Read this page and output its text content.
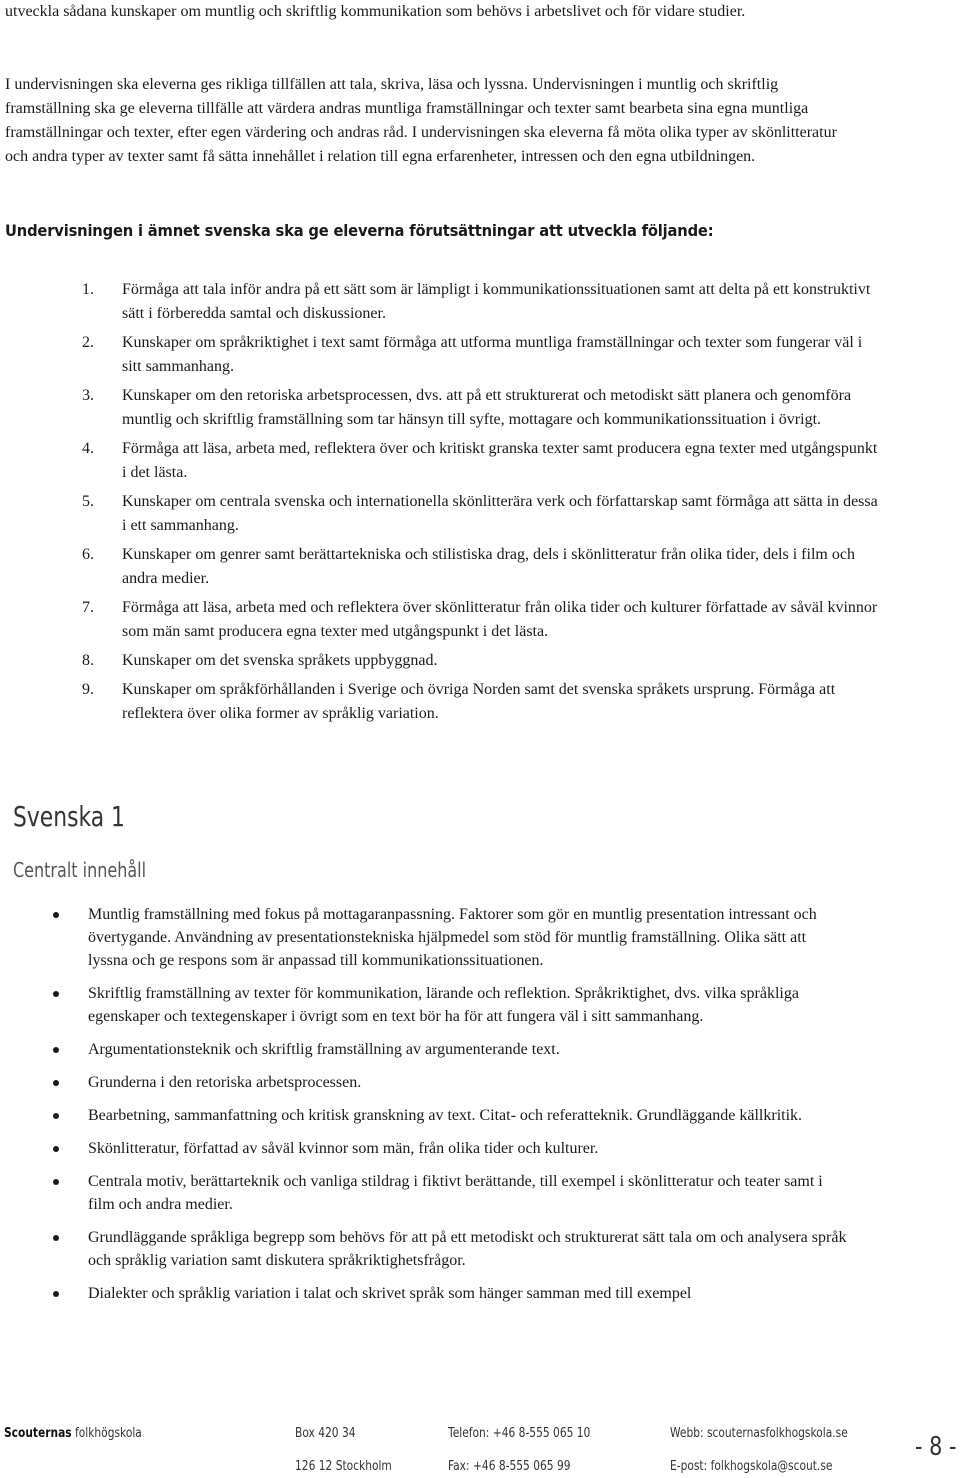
utveckla sådana kunskaper om muntlig och skriftlig kommunikation som behövs i arbetslivet och för vidare studier.

I undervisningen ska eleverna ges rikliga tillfällen att tala, skriva, läsa och lyssna. Undervisningen i muntlig och skriftlig framställning ska ge eleverna tillfälle att värdera andras muntliga framställningar och texter samt bearbeta sina egna muntliga framställningar och texter, efter egen värdering och andras råd. I undervisningen ska eleverna få möta olika typer av skönlitteratur och andra typer av texter samt få sätta innehållet i relation till egna erfarenheter, intressen och den egna utbildningen.

Undervisningen i ämnet svenska ska ge eleverna förutsättningar att utveckla följande:
1.	Förmåga att tala inför andra på ett sätt som är lämpligt i kommunikationssituationen samt att delta på ett konstruktivt sätt i förberedda samtal och diskussioner.
2.	Kunskaper om språkriktighet i text samt förmåga att utforma muntliga framställningar och texter som fungerar väl i sitt sammanhang.
3.	Kunskaper om den retoriska arbetsprocessen, dvs. att på ett strukturerat och metodiskt sätt planera och genomföra muntlig och skriftlig framställning som tar hänsyn till syfte, mottagare och kommunikationssituation i övrigt.
4.	Förmåga att läsa, arbeta med, reflektera över och kritiskt granska texter samt producera egna texter med utgångspunkt i det lästa.
5.	Kunskaper om centrala svenska och internationella skönlitterära verk och författarskap samt förmåga att sätta in dessa i ett sammanhang.
6.	Kunskaper om genrer samt berättartekniska och stilistiska drag, dels i skönlitteratur från olika tider, dels i film och andra medier.
7.	Förmåga att läsa, arbeta med och reflektera över skönlitteratur från olika tider och kulturer författade av såväl kvinnor som män samt producera egna texter med utgångspunkt i det lästa.
8.	Kunskaper om det svenska språkets uppbyggnad.
9.	Kunskaper om språkförhållanden i Sverige och övriga Norden samt det svenska språkets ursprung. Förmåga att reflektera över olika former av språklig variation.
Svenska 1
Centralt innehåll
Muntlig framställning med fokus på mottagaranpassning. Faktorer som gör en muntlig presentation intressant och övertygande. Användning av presentationstekniska hjälpmedel som stöd för muntlig framställning. Olika sätt att lyssna och ge respons som är anpassad till kommunikationssituationen.
Skriftlig framställning av texter för kommunikation, lärande och reflektion. Språkriktighet, dvs. vilka språkliga egenskaper och textegenskaper i övrigt som en text bör ha för att fungera väl i sitt sammanhang.
Argumentationsteknik och skriftlig framställning av argumenterande text.
Grunderna i den retoriska arbetsprocessen.
Bearbetning, sammanfattning och kritisk granskning av text. Citat- och referatteknik. Grundläggande källkritik.
Skönlitteratur, författad av såväl kvinnor som män, från olika tider och kulturer.
Centrala motiv, berättarteknik och vanliga stildrag i fiktivt berättande, till exempel i skönlitteratur och teater samt i film och andra medier.
Grundläggande språkliga begrepp som behövs för att på ett metodiskt och strukturerat sätt tala om och analysera språk och språklig variation samt diskutera språkriktighetsfrågor.
Dialekter och språklig variation i talat och skrivet språk som hänger samman med till exempel
Scouternas folkhögskola	Box 420 34
126 12 Stockholm
Telefon: +46 8-555 065 10
Fax: +46 8-555 065 99
Webb: scouternasfolkhogskola.se
E-post: folkhogskola@scout.se
- 8 -
